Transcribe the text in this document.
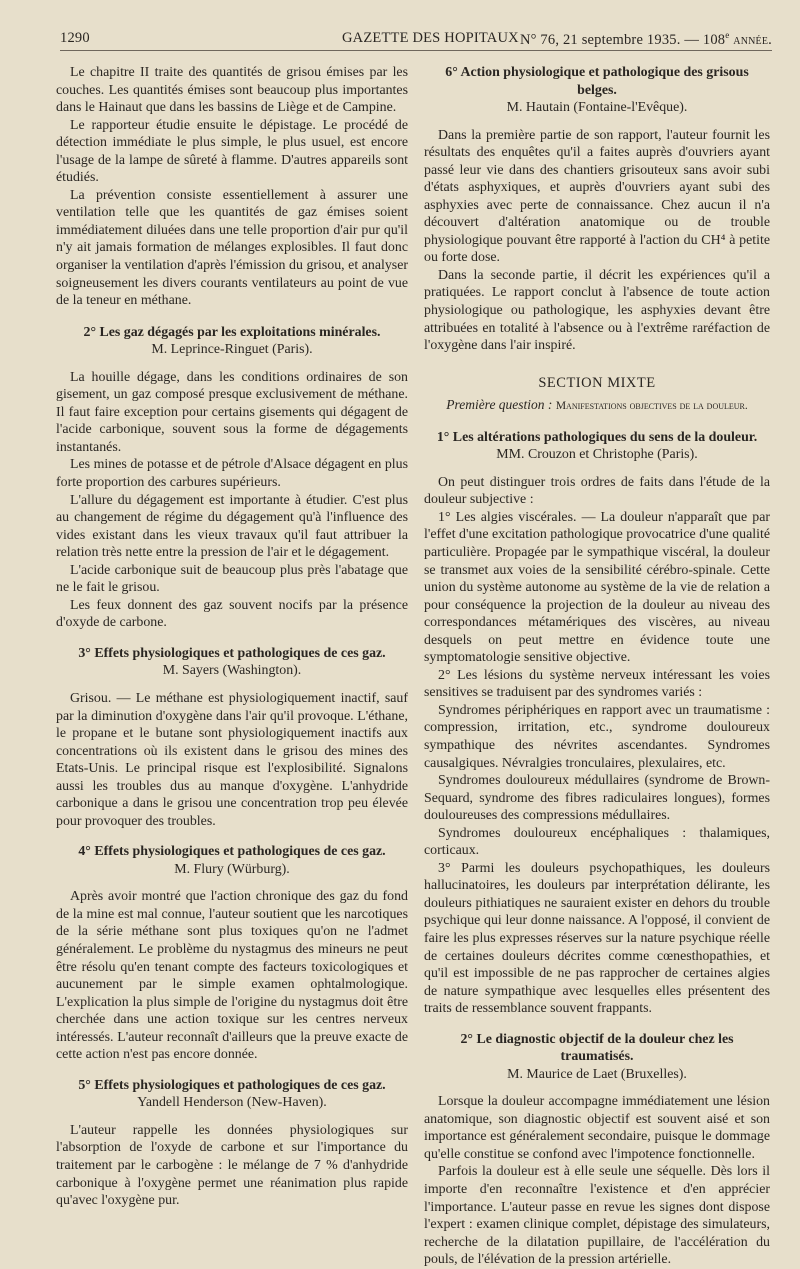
1290	GAZETTE DES HOPITAUX N° 76, 21 septembre 1935. — 108e année.

Le chapitre II traite des quantités de grisou émises par les couches. Les quantités émises sont beaucoup plus importantes dans le Hainaut que dans les bassins de Liège et de Campine.

Le rapporteur étudie ensuite le dépistage. Le procédé de détection immédiate le plus simple, le plus usuel, est encore l'usage de la lampe de sûreté à flamme. D'autres appareils sont étudiés.

La prévention consiste essentiellement à assurer une ventilation telle que les quantités de gaz émises soient immédiatement diluées dans une telle proportion d'air pur qu'il n'y ait jamais formation de mélanges explosibles. Il faut donc organiser la ventilation d'après l'émission du grisou, et analyser soigneusement les divers courants ventilateurs au point de vue de la teneur en méthane.

2° Les gaz dégagés par les exploitations minérales.
M. Leprince-Ringuet (Paris).

La houille dégage, dans les conditions ordinaires de son gisement, un gaz composé presque exclusivement de méthane. Il faut faire exception pour certains gisements qui dégagent de l'acide carbonique, souvent sous la forme de dégagements instantanés.

Les mines de potasse et de pétrole d'Alsace dégagent en plus forte proportion des carbures supérieurs.

L'allure du dégagement est importante à étudier. C'est plus au changement de régime du dégagement qu'à l'influence des vides existant dans les vieux travaux qu'il faut attribuer la relation très nette entre la pression de l'air et le dégagement.

L'acide carbonique suit de beaucoup plus près l'abatage que ne le fait le grisou.

Les feux donnent des gaz souvent nocifs par la présence d'oxyde de carbone.

3° Effets physiologiques et pathologiques de ces gaz.
M. Sayers (Washington).

Grisou. — Le méthane est physiologiquement inactif, sauf par la diminution d'oxygène dans l'air qu'il provoque. L'éthane, le propane et le butane sont physiologiquement inactifs aux concentrations où ils existent dans le grisou des mines des Etats-Unis. Le principal risque est l'explosibilité. Signalons aussi les troubles dus au manque d'oxygène. L'anhydride carbonique a dans le grisou une concentration trop peu élevée pour provoquer des troubles.

4° Effets physiologiques et pathologiques de ces gaz.
M. Flury (Würburg).

Après avoir montré que l'action chronique des gaz du fond de la mine est mal connue, l'auteur soutient que les narcotiques de la série méthane sont plus toxiques qu'on ne l'admet généralement. Le problème du nystagmus des mineurs ne peut être résolu qu'en tenant compte des facteurs toxicologiques et aucunement par le simple examen ophtalmologique. L'explication la plus simple de l'origine du nystagmus doit être cherchée dans une action toxique sur les centres nerveux intéressés. L'auteur reconnaît d'ailleurs que la preuve exacte de cette action n'est pas encore donnée.

5° Effets physiologiques et pathologiques de ces gaz.
Yandell Henderson (New-Haven).

L'auteur rappelle les données physiologiques sur l'absorption de l'oxyde de carbone et sur l'importance du traitement par le carbogène : le mélange de 7 % d'anhydride carbonique à l'oxygène permet une réanimation plus rapide qu'avec l'oxygène pur.

6° Action physiologique et pathologique des grisous belges.
M. Hautain (Fontaine-l'Evêque).

Dans la première partie de son rapport, l'auteur fournit les résultats des enquêtes qu'il a faites auprès d'ouvriers ayant passé leur vie dans des chantiers grisouteux sans avoir subi d'états asphyxiques, et auprès d'ouvriers ayant subi des asphyxies avec perte de connaissance. Chez aucun il n'a découvert d'altération anatomique ou de trouble physiologique pouvant être rapporté à l'action du CH⁴ à petite ou forte dose.

Dans la seconde partie, il décrit les expériences qu'il a pratiquées. Le rapport conclut à l'absence de toute action physiologique ou pathologique, les asphyxies devant être attribuées en totalité à l'absence ou à l'extrême raréfaction de l'oxygène dans l'air inspiré.

SECTION MIXTE
Première question : Manifestations objectives de la douleur.
1° Les altérations pathologiques du sens de la douleur.
MM. Crouzon et Christophe (Paris).

On peut distinguer trois ordres de faits dans l'étude de la douleur subjective :

1° Les algies viscérales. — La douleur n'apparaît que par l'effet d'une excitation pathologique provocatrice d'une qualité particulière. Propagée par le sympathique viscéral, la douleur se transmet aux voies de la sensibilité cérébro-spinale. Cette union du système autonome au système de la vie de relation a pour conséquence la projection de la douleur au niveau des correspondances métamériques des viscères, au niveau desquels on peut mettre en évidence toute une symptomatologie sensitive objective.

2° Les lésions du système nerveux intéressant les voies sensitives se traduisent par des syndromes variés :

Syndromes périphériques en rapport avec un traumatisme : compression, irritation, etc., syndrome douloureux sympathique des névrites ascendantes. Syndromes causalgiques. Névralgies tronculaires, plexulaires, etc.

Syndromes douloureux médullaires (syndrome de Brown-Sequard, syndrome des fibres radiculaires longues), formes douloureuses des compressions médullaires.

Syndromes douloureux encéphaliques : thalamiques, corticaux.

3° Parmi les douleurs psychopathiques, les douleurs hallucinatoires, les douleurs par interprétation délirante, les douleurs pithiatiques ne sauraient exister en dehors du trouble psychique qui leur donne naissance. A l'opposé, il convient de faire les plus expresses réserves sur la nature psychique réelle de certaines douleurs décrites comme cœnesthopathies, et qu'il est impossible de ne pas rapprocher de certaines algies de nature sympathique avec lesquelles elles présentent des traits de ressemblance souvent frappants.

2° Le diagnostic objectif de la douleur chez les traumatisés.
M. Maurice de Laet (Bruxelles).

Lorsque la douleur accompagne immédiatement une lésion anatomique, son diagnostic objectif est souvent aisé et son importance est généralement secondaire, puisque le dommage qu'elle constitue se confond avec l'impotence fonctionnelle.

Parfois la douleur est à elle seule une séquelle. Dès lors il importe d'en reconnaître l'existence et d'en apprécier l'importance. L'auteur passe en revue les signes dont dispose l'expert : examen clinique complet, dépistage des simulateurs, recherche de la dilatation pupillaire, de l'accélération du pouls, de l'élévation de la pression artérielle.
